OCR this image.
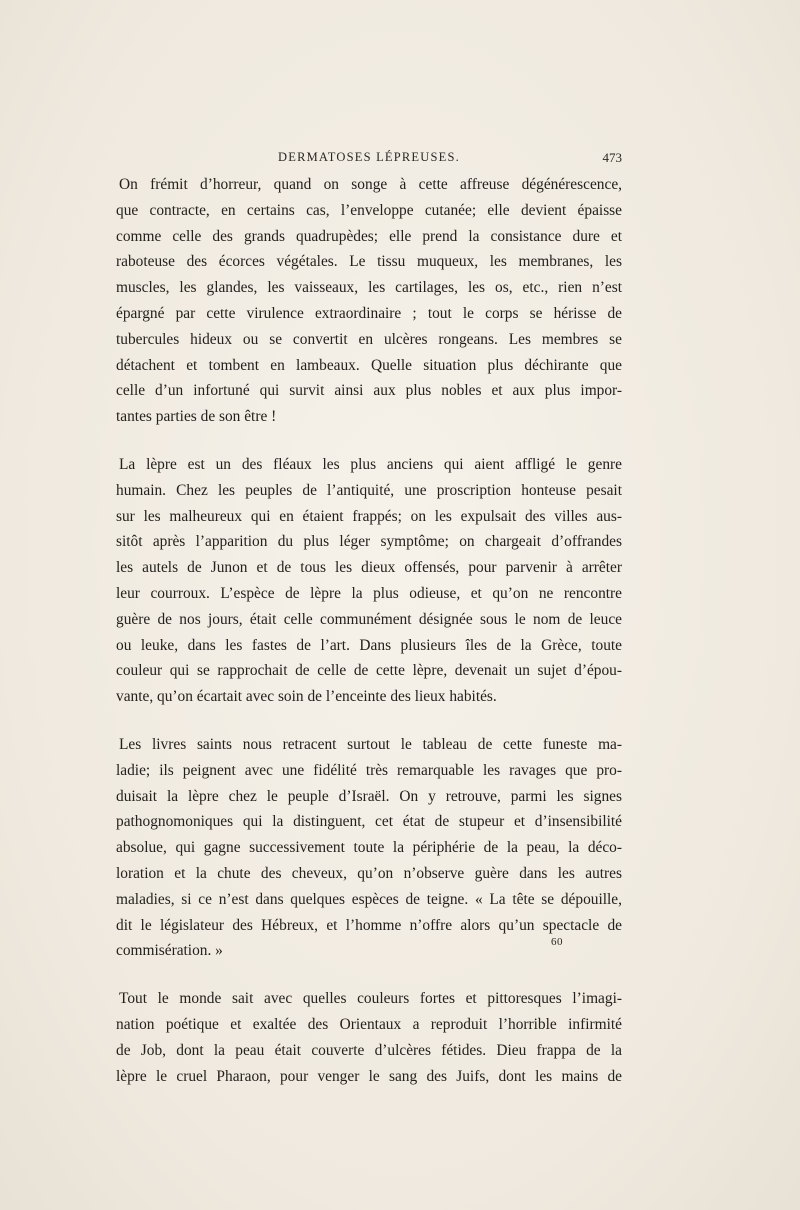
DERMATOSES LÉPREUSES.	473

On frémit d’horreur, quand on songe à cette affreuse dégénérescence,
que contracte, en certains cas, l’enveloppe cutanée; elle devient épaisse
comme celle des grands quadrupèdes; elle prend la consistance dure et
raboteuse des écorces végétales. Le tissu muqueux, les membranes, les
muscles, les glandes, les vaisseaux, les cartilages, les os, etc., rien n’est
épargné par cette virulence extraordinaire ; tout le corps se hérisse de
tubercules hideux ou se convertit en ulcères rongeans. Les membres se
détachent et tombent en lambeaux. Quelle situation plus déchirante que
celle d’un infortuné qui survit ainsi aux plus nobles et aux plus impor-
tantes parties de son être !

La lèpre est un des fléaux les plus anciens qui aient affligé le genre
humain. Chez les peuples de l’antiquité, une proscription honteuse pesait
sur les malheureux qui en étaient frappés; on les expulsait des villes aus-
sitôt après l’apparition du plus léger symptôme; on chargeait d’offrandes
les autels de Junon et de tous les dieux offensés, pour parvenir à arrêter
leur courroux. L’espèce de lèpre la plus odieuse, et qu’on ne rencontre
guère de nos jours, était celle communément désignée sous le nom de leuce
ou leuke, dans les fastes de l’art. Dans plusieurs îles de la Grèce, toute
couleur qui se rapprochait de celle de cette lèpre, devenait un sujet d’épou-
vante, qu’on écartait avec soin de l’enceinte des lieux habités.

Les livres saints nous retracent surtout le tableau de cette funeste ma-
ladie; ils peignent avec une fidélité très remarquable les ravages que pro-
duisait la lèpre chez le peuple d’Israël. On y retrouve, parmi les signes
pathognomoniques qui la distinguent, cet état de stupeur et d’insensibilité
absolue, qui gagne successivement toute la périphérie de la peau, la déco-
loration et la chute des cheveux, qu’on n’observe guère dans les autres
maladies, si ce n’est dans quelques espèces de teigne. « La tête se dépouille,
dit le législateur des Hébreux, et l’homme n’offre alors qu’un spectacle de
commisération. »

Tout le monde sait avec quelles couleurs fortes et pittoresques l’imagi-
nation poétique et exaltée des Orientaux a reproduit l’horrible infirmité
de Job, dont la peau était couverte d’ulcères fétides. Dieu frappa de la
lèpre le cruel Pharaon, pour venger le sang des Juifs, dont les mains de

60
